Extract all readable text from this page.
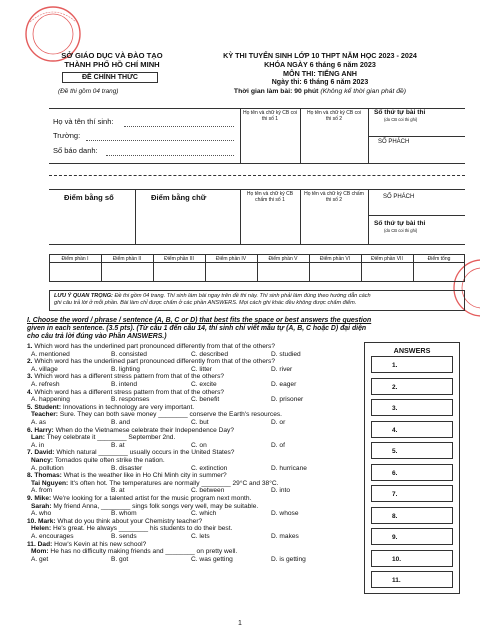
SỞ GIÁO DỤC VÀ ĐÀO TẠO
THÀNH PHỐ HỒ CHÍ MINH
ĐỀ CHÍNH THỨC
(Đề thi gồm 04 trang)
KỲ THI TUYỂN SINH LỚP 10 THPT NĂM HỌC 2023 - 2024
KHÓA NGÀY 6 tháng 6 năm 2023
MÔN THI: TIẾNG ANH
Ngày thi: 6 tháng 6 năm 2023
Thời gian làm bài: 90 phút (Không kể thời gian phát đề)
Họ và tên thí sinh:
Trường:
Số báo danh:
Họ tên và chữ ký CB coi thi số 1
Họ tên và chữ ký CB coi thi số 2
Số thứ tự bài thi
(do CB coi thi ghi)
SỐ PHÁCH
Điểm bằng số	Điểm bằng chữ	Họ tên và chữ ký CB chấm thi số 1
Họ tên và chữ ký CB chấm thi số 2	SỐ PHÁCH
Số thứ tự bài thi
(do CB coi thi ghi)
Điểm phần I	Điểm phần II	Điểm phần III	Điểm phần IV	Điểm phần V	Điểm phần VI	Điểm phần VII	Điểm tổng
LƯU Ý QUAN TRỌNG: Đề thi gồm 04 trang. Thí sinh làm bài ngay trên đề thi này. Thí sinh phải làm đúng theo hướng dẫn cách
ghi câu trả lời ở mỗi phần. Bài làm chỉ được chấm ở các phần ANSWERS. Mọi cách ghi khác đều không được chấm điểm.
I. Choose the word / phrase / sentence (A, B, C or D) that best fits the space or best answers the question
given in each sentence. (3.5 pts). (Từ câu 1 đến câu 14, thí sinh chỉ viết mẫu tự (A, B, C hoặc D) đại diện
cho câu trả lời đúng vào Phần ANSWERS.)
ANSWERS
1.
2.
3.
4.
5.
6.
7.
8.
9.
10.
11.
1. Which word has the underlined part pronounced differently from that of the others?
A. mentioned	B. consisted	C. described	D. studied
2. Which word has the underlined part pronounced differently from that of the others?
A. village	B. lighting	C. litter	D. river
3. Which word has a different stress pattern from that of the others?
A. refresh	B. intend	C. excite	D. eager
4. Which word has a different stress pattern from that of the others?
A. happening	B. responses	C. benefit	D. prisoner
5. Student: Innovations in technology are very important.
Teacher: Sure. They can both save money ________ conserve the Earth's resources.
A. as	B. and	C. but	D. or
6. Harry: When do the Vietnamese celebrate their Independence Day?
Lan: They celebrate it ________ September 2nd.
A. in	B. at	C. on	D. of
7. David: Which natural ________ usually occurs in the United States?
Nancy: Tornados quite often strike the nation.
A. pollution	B. disaster	C. extinction	D. hurricane
8. Thomas: What is the weather like in Ho Chi Minh city in summer?
Tai Nguyen: It's often hot. The temperatures are normally ________ 29°C and 38°C.
A. from	B. at	C. between	D. into
9. Mike: We're looking for a talented artist for the music program next month.
Sarah: My friend Anna, ________ sings folk songs very well, may be suitable.
A. who	B. whom	C. which	D. whose
10. Mark: What do you think about your Chemistry teacher?
Helen: He's great. He always ________ his students to do their best.
A. encourages	B. sends	C. lets	D. makes
11. Dad: How's Kevin at his new school?
Mom: He has no difficulty making friends and ________ on pretty well.
A. get	B. got	C. was getting	D. is getting
1
